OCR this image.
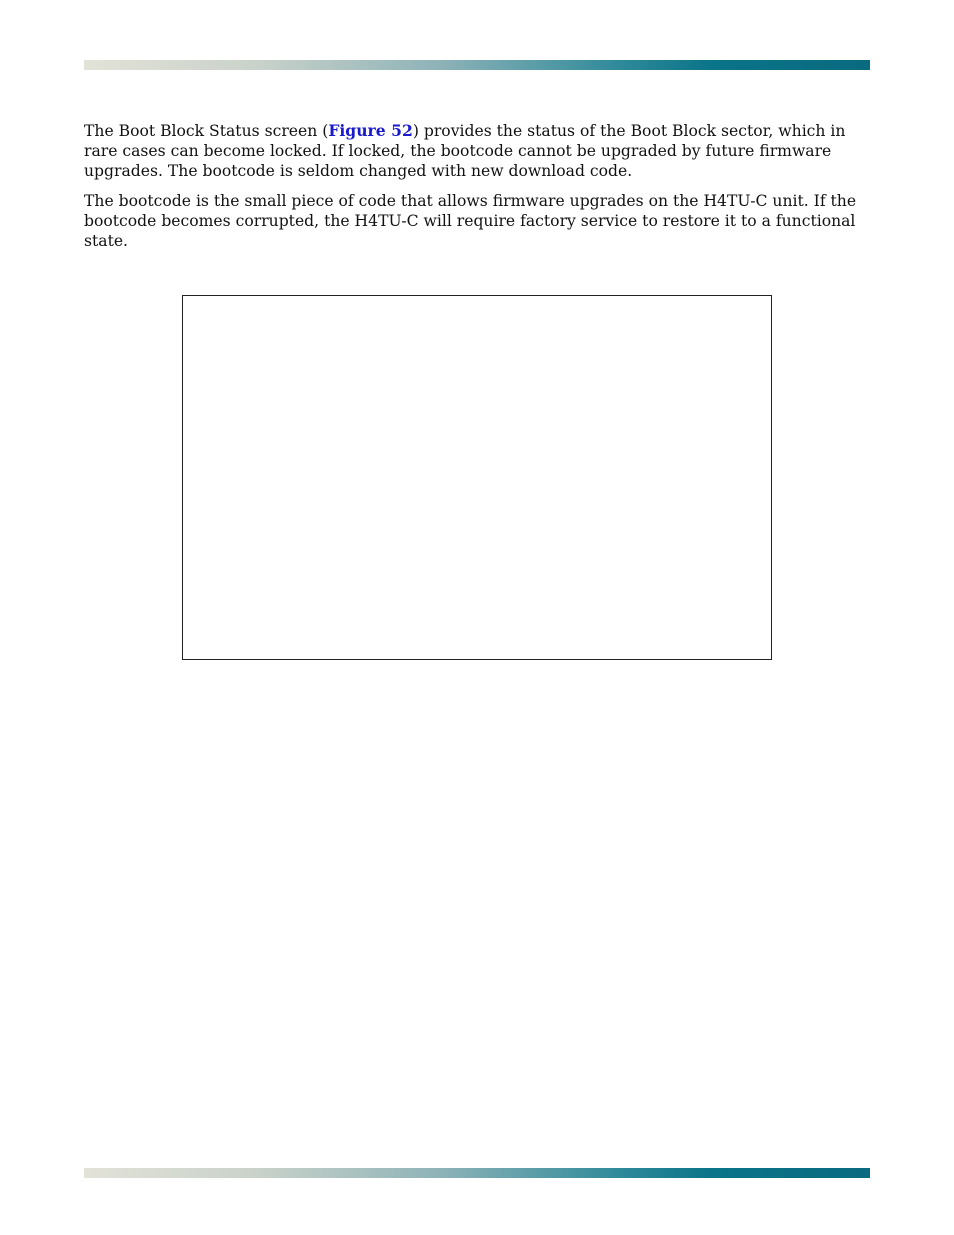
The Boot Block Status screen (Figure 52) provides the status of the Boot Block sector, which in rare cases can become locked. If locked, the bootcode cannot be upgraded by future firmware upgrades. The bootcode is seldom changed with new download code.

The bootcode is the small piece of code that allows firmware upgrades on the H4TU-C unit. If the bootcode becomes corrupted, the H4TU-C will require factory service to restore it to a functional state.
